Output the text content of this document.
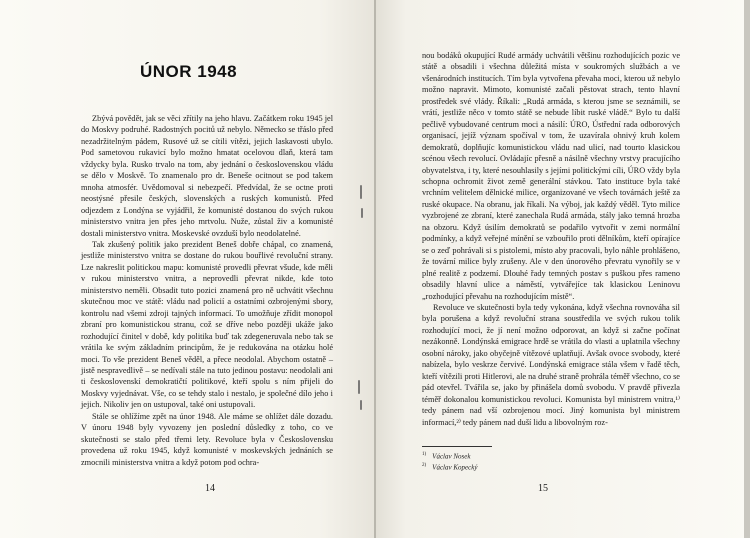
ÚNOR 1948

Zbývá povědět, jak se věci zřítily na jeho hlavu. Začátkem roku 1945 jel do Moskvy podruhé. Radostných pocitů už nebylo. Německo se třáslo před nezadržitelným pádem, Rusové už se cítili vítězi, jejich laskavosti ubylo. Pod sametovou rukavicí bylo možno hmatat ocelovou dlaň, která tam vždycky byla. Rusko trvalo na tom, aby jednání o československou vládu se dělo v Moskvě. To znamenalo pro dr. Beneše ocitnout se pod takem mnoha atmosfér. Uvědomoval si nebezpečí. Předvídal, že se octne proti neostýsné přesile českých, slovenských a ruských komunistů. Před odjezdem z Londýna se vyjádřil, že komunisté dostanou do svých rukou ministerstvo vnitra jen přes jeho mrtvolu. Nuže, zůstal živ a komunisté dostali ministerstvo vnitra. Moskevské ovzduší bylo neodolatelné.

Tak zkušený politik jako prezident Beneš dobře chápal, co znamená, jestliže ministerstvo vnitra se dostane do rukou bouřlivé revoluční strany. Lze nakreslit politickou mapu: komunisté provedli převrat všude, kde měli v rukou ministerstvo vnitra, a neprovedli převrat nikde, kde toto ministerstvo neměli. Obsadit tuto pozici znamená pro ně uchvátit všechnu skutečnou moc ve státě: vládu nad policií a ostatními ozbrojenými sbory, kontrolu nad všemi zdroji tajných informací. To umožňuje zřídit monopol zbraní pro komunistickou stranu, což se dříve nebo později ukáže jako rozhodující činitel v době, kdy politika buď tak zdegeneruvala nebo tak se vrátila ke svým základním principům, že je redukována na otázku holé moci. To vše prezident Beneš věděl, a přece neodolal. Abychom ostatně – jistě nespravedlivě – se nedívali stále na tuto jedinou postavu: neodolali ani ti československí demokratičtí politikové, kteří spolu s ním přijeli do Moskvy vyjednávat. Vše, co se tehdy stalo i nestalo, je společné dílo jeho i jejich. Nikoliv jen on ustupoval, také oni ustupovali.

Stále se ohlížíme zpět na únor 1948. Ale máme se ohlížet dále dozadu. V únoru 1948 byly vyvozeny jen poslední důsledky z toho, co ve skutečnosti se stalo před třemi lety. Revoluce byla v Československu provedena už roku 1945, když komunisté v moskevských jednáních se zmocnili ministerstva vnitra a když potom pod ochra-

14

nou bodáků okupující Rudé armády uchvátili většinu rozhodujících pozic ve státě a obsadili i všechna důležitá místa v soukromých službách a ve všenárodních institucích. Tím byla vytvořena převaha moci, kterou už nebylo možno napravit. Mimoto, komunisté začali pěstovat strach, tento hlavní prostředek své vlády. Říkali: „Rudá armáda, s kterou jsme se seznámili, se vrátí, jestliže něco v tomto státě se nebude líbit ruské vládě.“ Bylo tu další pečlivě vybudované centrum moci a násilí: ÚRO, Ústřední rada odborových organisací, jejíž význam spočíval v tom, že uzavírala ohnivý kruh kolem demokratů, doplňujíc komunistickou vládu nad ulicí, nad tourto klasickou scénou všech revolucí. Ovládajíc přesně a násilně všechny vrstvy pracujícího obyvatelstva, i ty, které nesouhlasily s jejími politickými cíli, ÚRO vždy byla schopna ochromit život země generální stávkou. Tato instituce byla také vrchním velitelem dělnické milice, organizované ve všech továrnách ještě za ruské okupace. Na obranu, jak říkali. Na výboj, jak každý věděl. Tyto milice vyzbrojené ze zbraní, které zanechala Rudá armáda, stály jako temná hrozba na obzoru. Když úsilím demokratů se podařilo vytvořit v zemi normální podmínky, a když veřejné mínění se vzbouřilo proti dělníkům, kteří opírajíce se o zeď pohrávali si s pistolemi, místo aby pracovali, bylo náhle prohlášeno, že tovární milice byly zrušeny. Ale v den únorového převratu vynořily se v plné realitě z podzemí. Dlouhé řady temných postav s puškou přes rameno obsadily hlavní ulice a náměstí, vytvářejíce tak klasickou Leninovu „rozhodující převahu na rozhodujícím místě“.

Revoluce ve skutečnosti byla tedy vykonána, když všechna rovnováha sil byla porušena a když revoluční strana soustředila ve svých rukou tolik rozhodující moci, že jí není možno odporovat, an když si začne počínat nezákonně. Londýnská emigrace hrdě se vrátila do vlasti a uplatnila všechny osobní nároky, jako obyčejně vítězové uplatňují. Avšak ovoce svobody, které nabízela, bylo veskrze červivé. Londýnská emigrace stála všem v řadě těch, kteří vítězili proti Hitlerovi, ale na druhé straně prohrála téměř všechno, co se pád otevřel. Tvářila se, jako by přinášela domů svobodu. V pravdě přivezla téměř dokonalou komunistickou revoluci. Komunista byl ministrem vnitra,¹⁾ tedy pánem nad vší ozbrojenou mocí. Jiný komunista byl ministrem informací,²⁾ tedy pánem nad duší lidu a libovolným roz-

$^{1)}$ Václav Nosek
$^{2)}$ Václav Kopecký
15
